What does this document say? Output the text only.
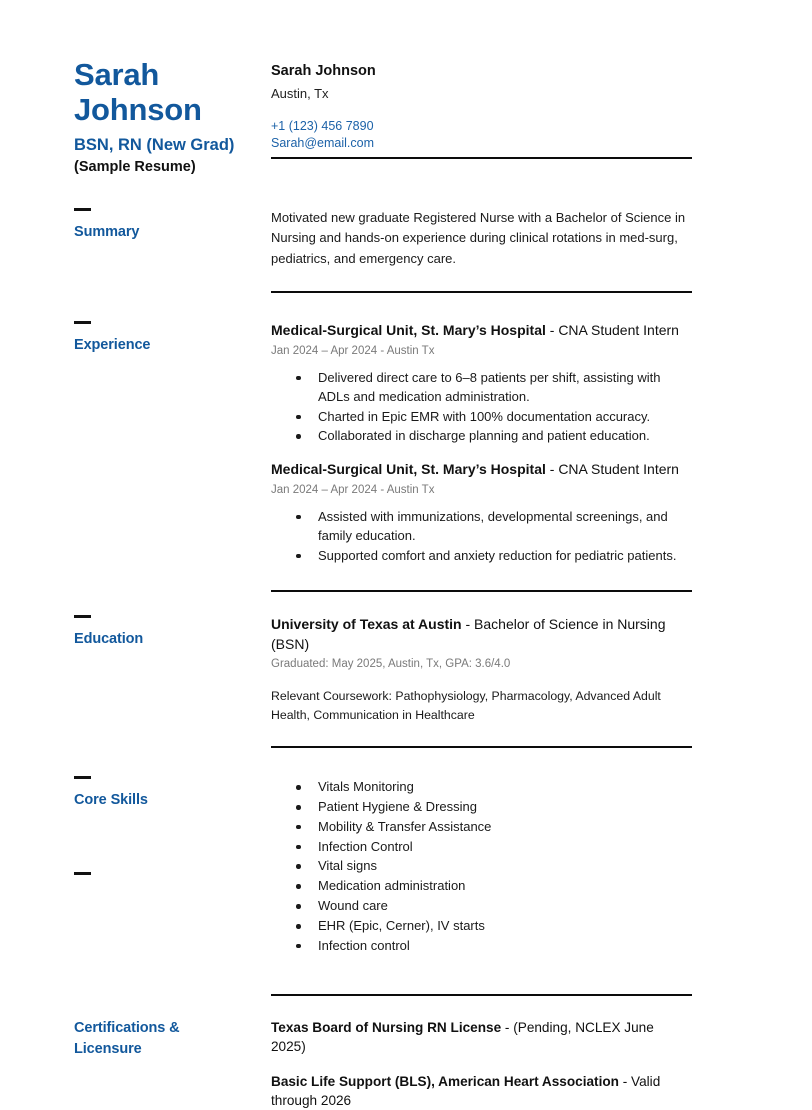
Sarah
Johnson
BSN, RN (New Grad)
(Sample Resume)
Sarah Johnson
Austin, Tx
+1 (123) 456 7890
Sarah@email.com
Summary

Motivated new graduate Registered Nurse with a Bachelor of Science in Nursing and hands-on experience during clinical rotations in med-surg, pediatrics, and emergency care.

Experience

Medical-Surgical Unit, St. Mary’s Hospital - CNA Student Intern

Jan 2024 – Apr 2024 - Austin Tx

Delivered direct care to 6–8 patients per shift, assisting with ADLs and medication administration.
Charted in Epic EMR with 100% documentation accuracy.
Collaborated in discharge planning and patient education.

Medical-Surgical Unit, St. Mary’s Hospital - CNA Student Intern

Jan 2024 – Apr 2024 - Austin Tx

Assisted with immunizations, developmental screenings, and family education.
Supported comfort and anxiety reduction for pediatric patients.
Education

University of Texas at Austin - Bachelor of Science in Nursing (BSN)

Graduated: May 2025, Austin, Tx, GPA: 3.6/4.0

Relevant Coursework: Pathophysiology, Pharmacology, Advanced Adult Health, Communication in Healthcare

Core Skills
Vitals Monitoring
Patient Hygiene & Dressing
Mobility & Transfer Assistance
Infection Control
Vital signs
Medication administration
Wound care
EHR (Epic, Cerner), IV starts
Infection control
Certifications &
Licensure

Texas Board of Nursing RN License - (Pending, NCLEX June 2025)

Basic Life Support (BLS), American Heart Association - Valid through 2026
